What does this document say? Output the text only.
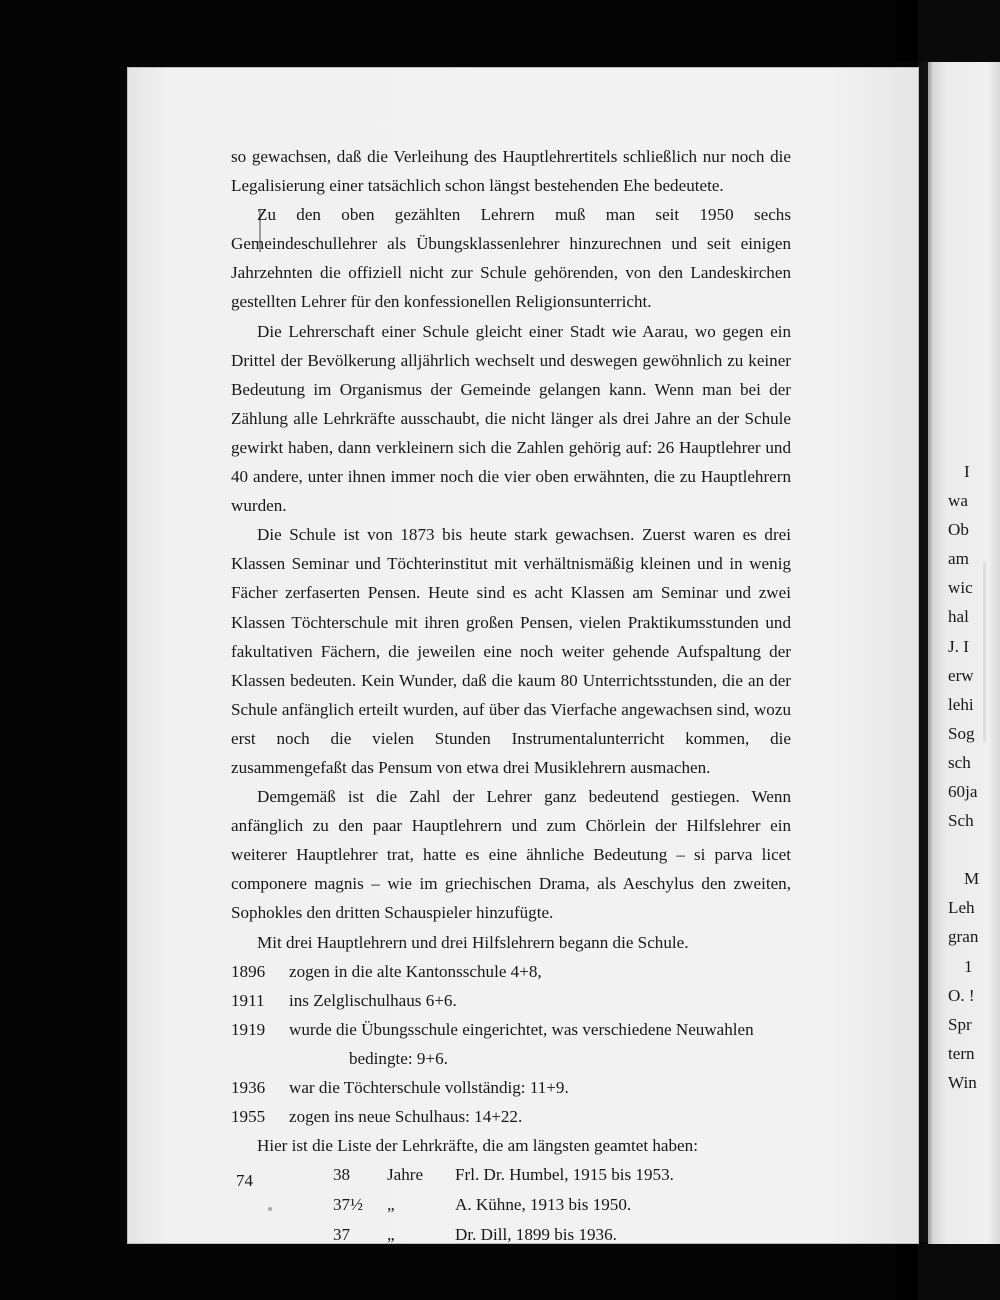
I

wa

Ob

am

wic

hal

J. I

erw

lehi

Sog

sch

60ja

Sch

M

Leh

gran

1

O. !

Spr

tern

Win

so gewachsen, daß die Verleihung des Hauptlehrertitels schließlich nur noch die Legalisierung einer tatsächlich schon längst bestehenden Ehe bedeutete.

Zu den oben gezählten Lehrern muß man seit 1950 sechs Gemeindeschullehrer als Übungsklassenlehrer hinzurechnen und seit einigen Jahrzehnten die offiziell nicht zur Schule gehörenden, von den Landeskirchen gestellten Lehrer für den konfessionellen Religionsunterricht.

Die Lehrerschaft einer Schule gleicht einer Stadt wie Aarau, wo gegen ein Drittel der Bevölkerung alljährlich wechselt und deswegen gewöhnlich zu keiner Bedeutung im Organismus der Gemeinde gelangen kann. Wenn man bei der Zählung alle Lehrkräfte ausschaubt, die nicht länger als drei Jahre an der Schule gewirkt haben, dann verkleinern sich die Zahlen gehörig auf: 26 Hauptlehrer und 40 andere, unter ihnen immer noch die vier oben erwähnten, die zu Hauptlehrern wurden.

Die Schule ist von 1873 bis heute stark gewachsen. Zuerst waren es drei Klassen Seminar und Töchterinstitut mit verhältnismäßig kleinen und in wenig Fächer zerfaserten Pensen. Heute sind es acht Klassen am Seminar und zwei Klassen Töchterschule mit ihren großen Pensen, vielen Praktikumsstunden und fakultativen Fächern, die jeweilen eine noch weiter gehende Aufspaltung der Klassen bedeuten. Kein Wunder, daß die kaum 80 Unterrichtsstunden, die an der Schule anfänglich erteilt wurden, auf über das Vierfache angewachsen sind, wozu erst noch die vielen Stunden Instrumentalunterricht kommen, die zusammengefaßt das Pensum von etwa drei Musiklehrern ausmachen.

Demgemäß ist die Zahl der Lehrer ganz bedeutend gestiegen. Wenn anfänglich zu den paar Hauptlehrern und zum Chörlein der Hilfslehrer ein weiterer Hauptlehrer trat, hatte es eine ähnliche Bedeutung – si parva licet componere magnis – wie im griechischen Drama, als Aeschylus den zweiten, Sophokles den dritten Schauspieler hinzufügte.

Mit drei Hauptlehrern und drei Hilfslehrern begann die Schule.

1896	zogen in die alte Kantonsschule 4+8,
1911	ins Zelglischulhaus 6+6.
1919	wurde die Übungsschule eingerichtet, was verschiedene Neuwahlen

bedingte: 9+6.

1936	war die Töchterschule vollständig: 11+9.
1955	zogen ins neue Schulhaus: 14+22.

Hier ist die Liste der Lehrkräfte, die am längsten geamtet haben:

38	Jahre	Frl. Dr. Humbel, 1915 bis 1953.
37½	„	A. Kühne, 1913 bis 1950.
37	„	Dr. Dill, 1899 bis 1936.
74
